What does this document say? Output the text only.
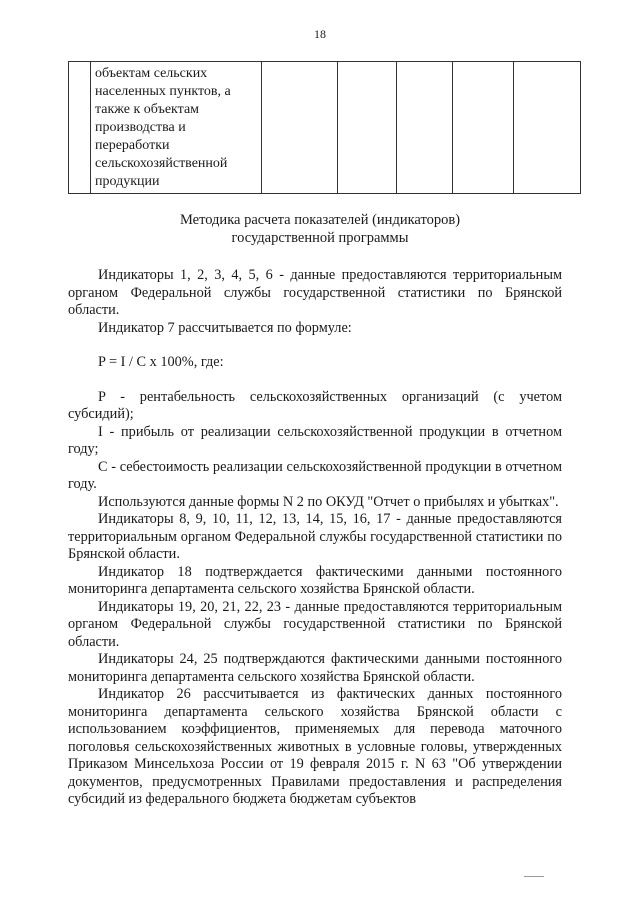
18

объектам сельских
населенных пунктов, а
также к объектам
производства и
переработки
сельскохозяйственной
продукции

Методика расчета показателей (индикаторов)
государственной программы

Индикаторы 1, 2, 3, 4, 5, 6 - данные предоставляются территориальным органом Федеральной службы государственной статистики по Брянской области.

Индикатор 7 рассчитывается по формуле:

P = I / C x 100%, где:

P - рентабельность сельскохозяйственных организаций (с учетом субсидий);

I - прибыль от реализации сельскохозяйственной продукции в отчетном году;

C - себестоимость реализации сельскохозяйственной продукции в отчетном году.

Используются данные формы N 2 по ОКУД "Отчет о прибылях и убытках".

Индикаторы 8, 9, 10, 11, 12, 13, 14, 15, 16, 17 - данные предоставляются территориальным органом Федеральной службы государственной статистики по Брянской области.

Индикатор 18 подтверждается фактическими данными постоянного мониторинга департамента сельского хозяйства Брянской области.

Индикаторы 19, 20, 21, 22, 23 - данные предоставляются территориальным органом Федеральной службы государственной статистики по Брянской области.

Индикаторы 24, 25 подтверждаются фактическими данными постоянного мониторинга департамента сельского хозяйства Брянской области.

Индикатор 26 рассчитывается из фактических данных постоянного мониторинга департамента сельского хозяйства Брянской области с использованием коэффициентов, применяемых для перевода маточного поголовья сельскохозяйственных животных в условные головы, утвержденных Приказом Минсельхоза России от 19 февраля 2015 г. N 63 "Об утверждении документов, предусмотренных Правилами предоставления и распределения субсидий из федерального бюджета бюджетам субъектов
